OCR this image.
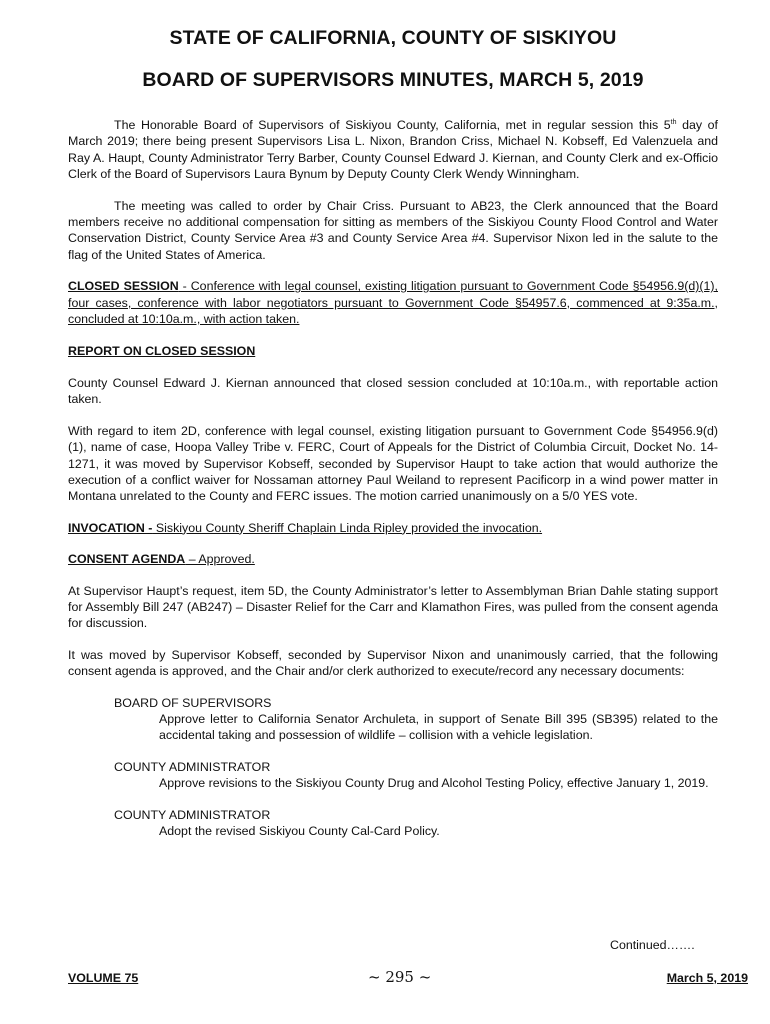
STATE OF CALIFORNIA, COUNTY OF SISKIYOU
BOARD OF SUPERVISORS MINUTES, MARCH 5, 2019

The Honorable Board of Supervisors of Siskiyou County, California, met in regular session this 5th day of March 2019; there being present Supervisors Lisa L. Nixon, Brandon Criss, Michael N. Kobseff, Ed Valenzuela and Ray A. Haupt, County Administrator Terry Barber, County Counsel Edward J. Kiernan, and County Clerk and ex-Officio Clerk of the Board of Supervisors Laura Bynum by Deputy County Clerk Wendy Winningham.

The meeting was called to order by Chair Criss. Pursuant to AB23, the Clerk announced that the Board members receive no additional compensation for sitting as members of the Siskiyou County Flood Control and Water Conservation District, County Service Area #3 and County Service Area #4. Supervisor Nixon led in the salute to the flag of the United States of America.

CLOSED SESSION - Conference with legal counsel, existing litigation pursuant to Government Code §54956.9(d)(1), four cases, conference with labor negotiators pursuant to Government Code §54957.6, commenced at 9:35a.m., concluded at 10:10a.m., with action taken.

REPORT ON CLOSED SESSION

County Counsel Edward J. Kiernan announced that closed session concluded at 10:10a.m., with reportable action taken.

With regard to item 2D, conference with legal counsel, existing litigation pursuant to Government Code §54956.9(d)(1), name of case, Hoopa Valley Tribe v. FERC, Court of Appeals for the District of Columbia Circuit, Docket No. 14-1271, it was moved by Supervisor Kobseff, seconded by Supervisor Haupt to take action that would authorize the execution of a conflict waiver for Nossaman attorney Paul Weiland to represent Pacificorp in a wind power matter in Montana unrelated to the County and FERC issues. The motion carried unanimously on a 5/0 YES vote.

INVOCATION - Siskiyou County Sheriff Chaplain Linda Ripley provided the invocation.

CONSENT AGENDA – Approved.

At Supervisor Haupt’s request, item 5D, the County Administrator’s letter to Assemblyman Brian Dahle stating support for Assembly Bill 247 (AB247) – Disaster Relief for the Carr and Klamathon Fires, was pulled from the consent agenda for discussion.

It was moved by Supervisor Kobseff, seconded by Supervisor Nixon and unanimously carried, that the following consent agenda is approved, and the Chair and/or clerk authorized to execute/record any necessary documents:

BOARD OF SUPERVISORS
Approve letter to California Senator Archuleta, in support of Senate Bill 395 (SB395) related to the accidental taking and possession of wildlife – collision with a vehicle legislation.
COUNTY ADMINISTRATOR
Approve revisions to the Siskiyou County Drug and Alcohol Testing Policy, effective January 1, 2019.
COUNTY ADMINISTRATOR
Adopt the revised Siskiyou County Cal-Card Policy.
Continued…….
VOLUME 75	~ 295 ~	March 5, 2019
